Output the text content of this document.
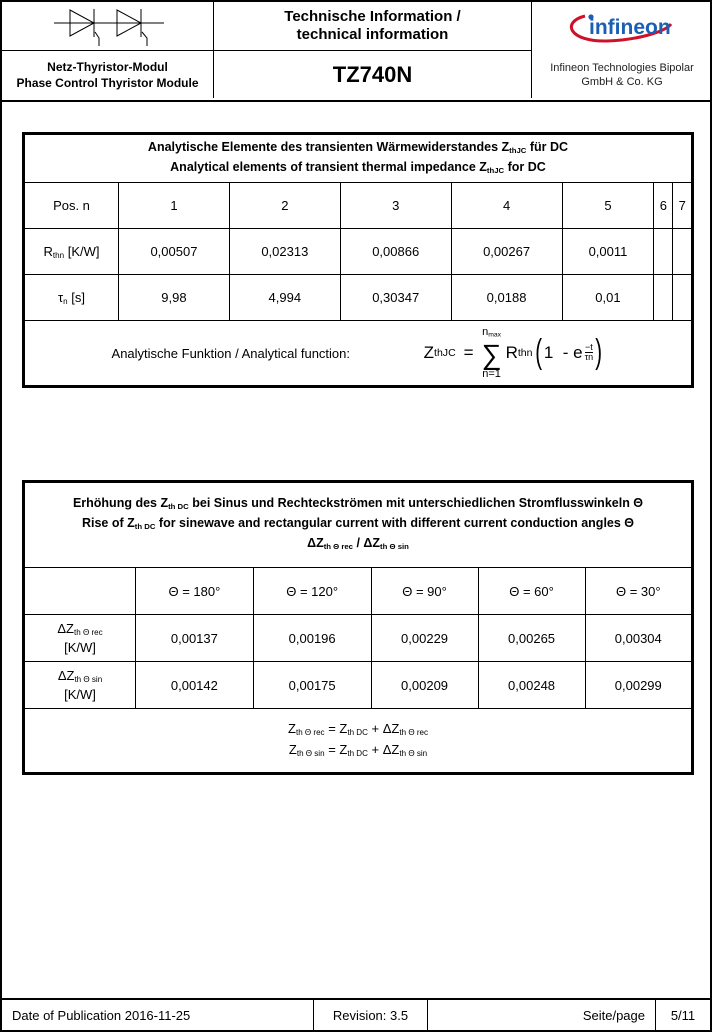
Netz-Thyristor-Modul
Phase Control Thyristor Module
Technische Information /
technical information
TZ740N
infineon
Infineon Technologies Bipolar
GmbH & Co. KG
Analytische Elemente des transienten Wärmewiderstandes $Z_{thJC}$ für DC
Analytical elements of transient thermal impedance $Z_{thJC}$ for DC							

Pos. n	1	2	3	4	5	6	7
$R_{thn}$ [K/W]	0,00507	0,02313	0,00866	0,00267	0,0011		
$\tau_n$ [s]	9,98	4,994	0,30347	0,0188	0,01		
Analytische Funktion / Analytical function:	Z thJC =
$n_{max}$
∑
n=1
R thn ( 1  - e $\frac{-t}{\tau n}$ )
Erhöhung des $Z_{th DC}$ bei Sinus und Rechteckströmen mit unterschiedlichen Stromflusswinkeln Θ
Rise of $Z_{th DC}$ for sinewave and rectangular current with different current conduction angles Θ
$\Delta Z_{th \Theta rec} / \Delta Z_{th \Theta sin}$

	Θ = 180°	Θ = 120°	Θ = 90°	Θ = 60°	Θ = 30°

$\Delta Z_{th \Theta rec}$
[K/W]	0,00137	0,00196	0,00229	0,00265	0,00304

$\Delta Z_{th \Theta sin}$
[K/W]	0,00142	0,00175	0,00209	0,00248	0,00299

$Z_{th \Theta rec} = Z_{th DC} + \Delta Z_{th \Theta rec}$
$Z_{th \Theta sin} = Z_{th DC} + \Delta Z_{th \Theta sin}$
Date of Publication 2016-11-25	Revision: 3.5	Seite/page	5/11
